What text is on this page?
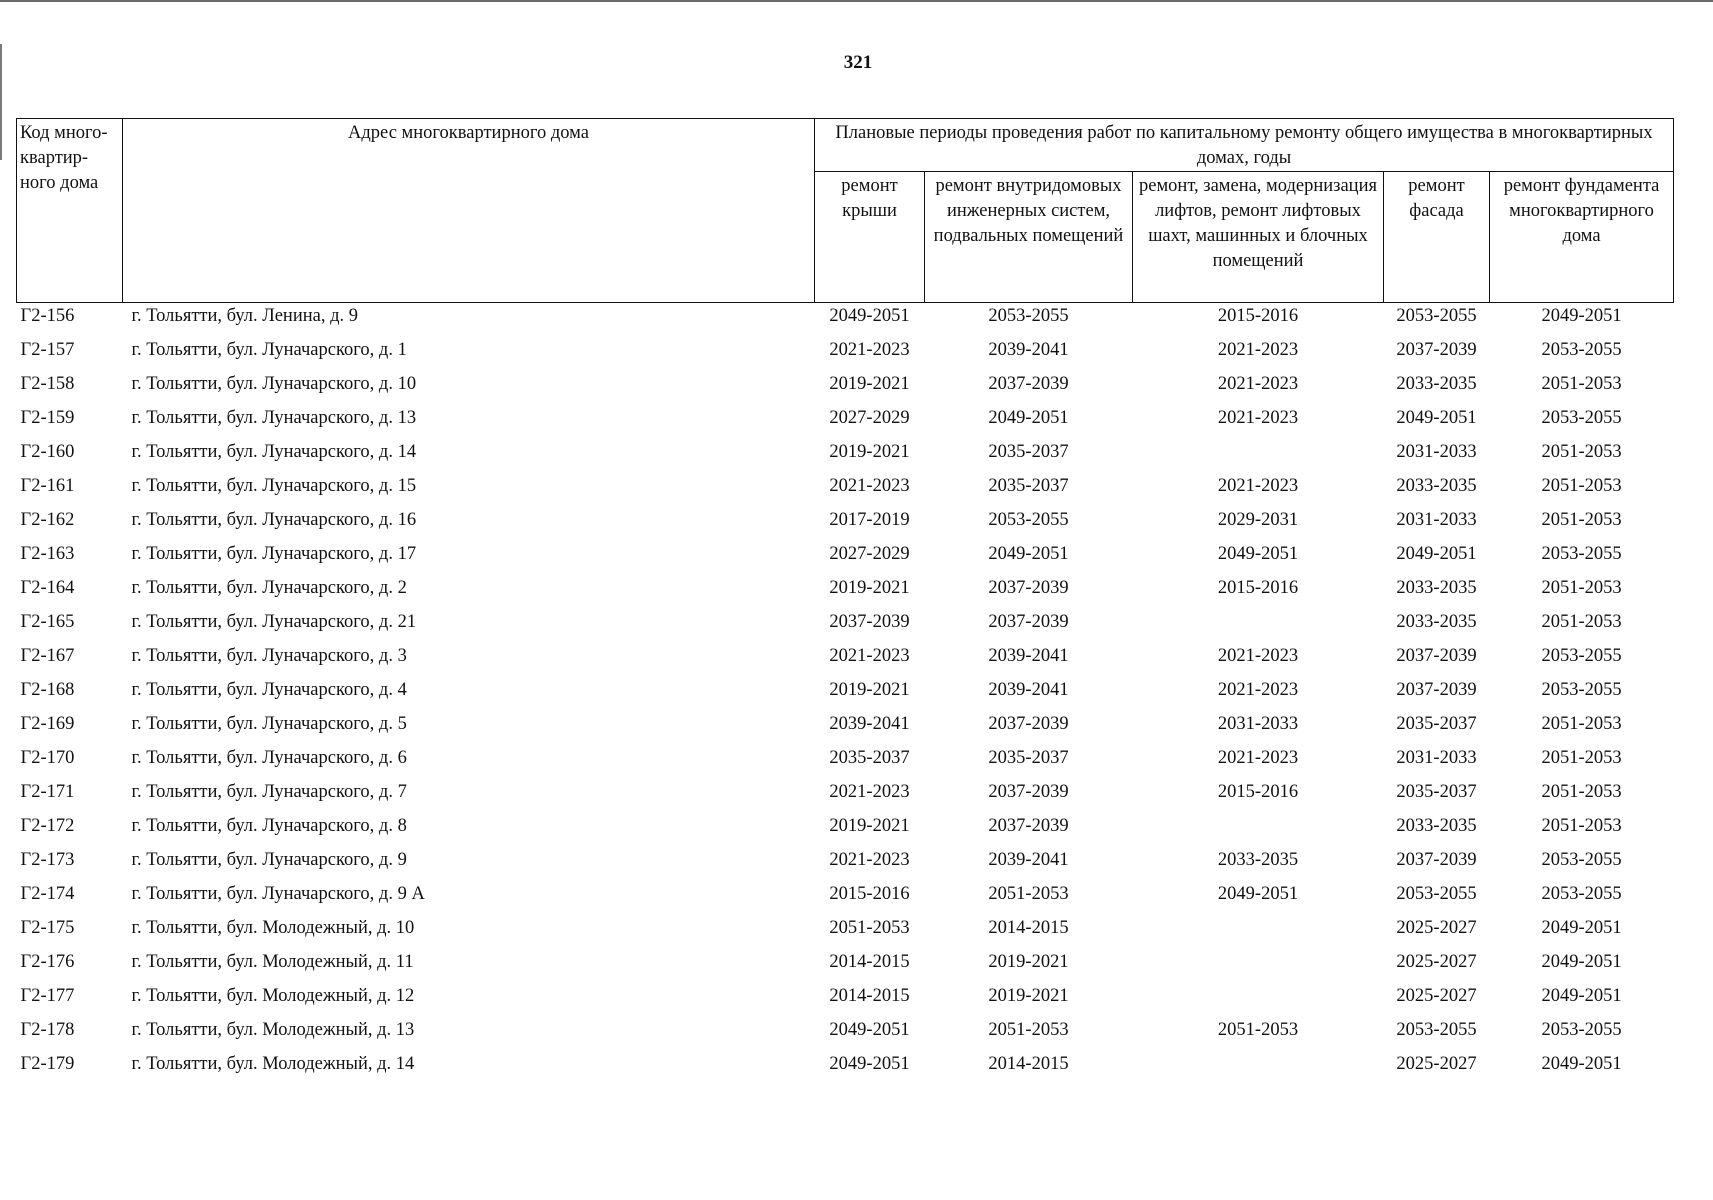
321
Код много-
квартир-
ного дома	Адрес многоквартирного дома	Плановые периоды проведения работ по капитальному ремонту общего имущества в многоквартирных домах, годы				
		ремонт крыши	ремонт внутридомовых инженерных систем, подвальных помещений	ремонт, замена, модернизация лифтов, ремонт лифтовых шахт, машинных и блочных помещений	ремонт фасада	ремонт фундамента многоквартирного дома
Г2-156	г. Тольятти, бул. Ленина, д. 9	2049-2051	2053-2055	2015-2016	2053-2055	2049-2051
Г2-157	г. Тольятти, бул. Луначарского, д. 1	2021-2023	2039-2041	2021-2023	2037-2039	2053-2055
Г2-158	г. Тольятти, бул. Луначарского, д. 10	2019-2021	2037-2039	2021-2023	2033-2035	2051-2053
Г2-159	г. Тольятти, бул. Луначарского, д. 13	2027-2029	2049-2051	2021-2023	2049-2051	2053-2055
Г2-160	г. Тольятти, бул. Луначарского, д. 14	2019-2021	2035-2037		2031-2033	2051-2053
Г2-161	г. Тольятти, бул. Луначарского, д. 15	2021-2023	2035-2037	2021-2023	2033-2035	2051-2053
Г2-162	г. Тольятти, бул. Луначарского, д. 16	2017-2019	2053-2055	2029-2031	2031-2033	2051-2053
Г2-163	г. Тольятти, бул. Луначарского, д. 17	2027-2029	2049-2051	2049-2051	2049-2051	2053-2055
Г2-164	г. Тольятти, бул. Луначарского, д. 2	2019-2021	2037-2039	2015-2016	2033-2035	2051-2053
Г2-165	г. Тольятти, бул. Луначарского, д. 21	2037-2039	2037-2039		2033-2035	2051-2053
Г2-167	г. Тольятти, бул. Луначарского, д. 3	2021-2023	2039-2041	2021-2023	2037-2039	2053-2055
Г2-168	г. Тольятти, бул. Луначарского, д. 4	2019-2021	2039-2041	2021-2023	2037-2039	2053-2055
Г2-169	г. Тольятти, бул. Луначарского, д. 5	2039-2041	2037-2039	2031-2033	2035-2037	2051-2053
Г2-170	г. Тольятти, бул. Луначарского, д. 6	2035-2037	2035-2037	2021-2023	2031-2033	2051-2053
Г2-171	г. Тольятти, бул. Луначарского, д. 7	2021-2023	2037-2039	2015-2016	2035-2037	2051-2053
Г2-172	г. Тольятти, бул. Луначарского, д. 8	2019-2021	2037-2039		2033-2035	2051-2053
Г2-173	г. Тольятти, бул. Луначарского, д. 9	2021-2023	2039-2041	2033-2035	2037-2039	2053-2055
Г2-174	г. Тольятти, бул. Луначарского, д. 9 А	2015-2016	2051-2053	2049-2051	2053-2055	2053-2055
Г2-175	г. Тольятти, бул. Молодежный, д. 10	2051-2053	2014-2015		2025-2027	2049-2051
Г2-176	г. Тольятти, бул. Молодежный, д. 11	2014-2015	2019-2021		2025-2027	2049-2051
Г2-177	г. Тольятти, бул. Молодежный, д. 12	2014-2015	2019-2021		2025-2027	2049-2051
Г2-178	г. Тольятти, бул. Молодежный, д. 13	2049-2051	2051-2053	2051-2053	2053-2055	2053-2055
Г2-179	г. Тольятти, бул. Молодежный, д. 14	2049-2051	2014-2015		2025-2027	2049-2051
